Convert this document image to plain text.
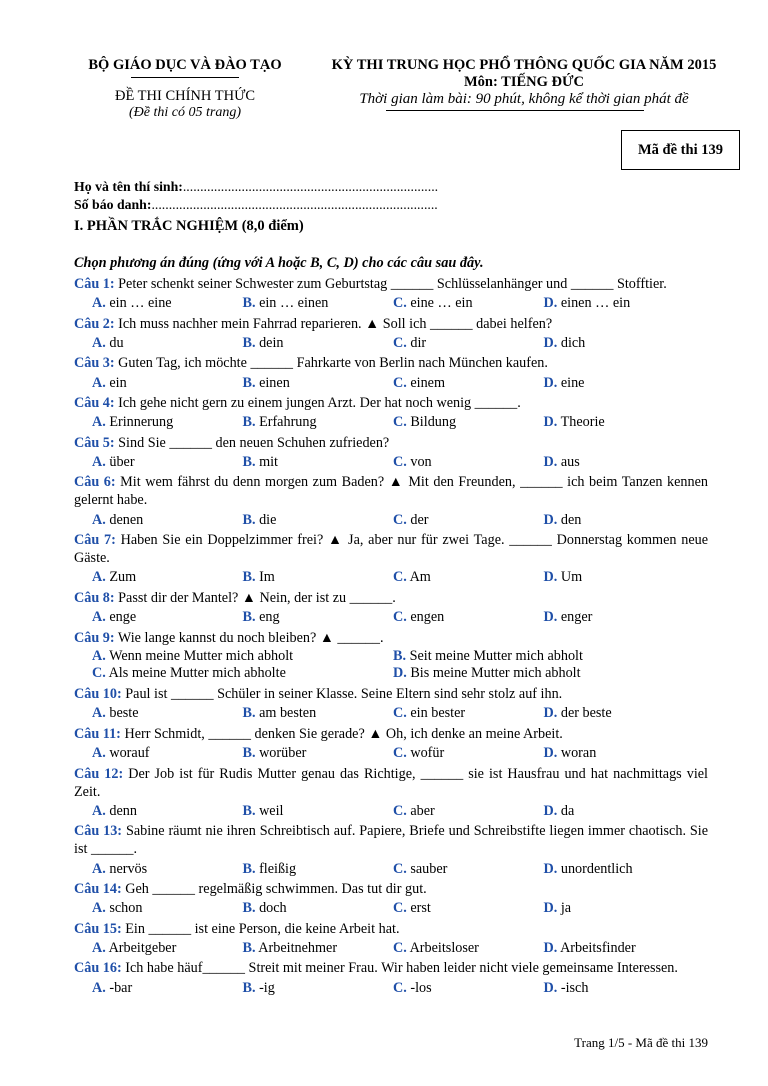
BỘ GIÁO DỤC VÀ ĐÀO TẠO
ĐỀ THI CHÍNH THỨC
(Đề thi có 05 trang)
KỲ THI TRUNG HỌC PHỔ THÔNG QUỐC GIA NĂM 2015
Môn: TIẾNG ĐỨC
Thời gian làm bài: 90 phút, không kể thời gian phát đề
Mã đề thi 139
Họ và tên thí sinh:..........................................................................
Số báo danh:...................................................................................
I. PHẦN TRẮC NGHIỆM (8,0 điểm)
Chọn phương án đúng (ứng với A hoặc B, C, D) cho các câu sau đây.
Câu 1: Peter schenkt seiner Schwester zum Geburtstag ______ Schlüsselanhänger und ______ Stofftier.
A. ein … eine	B. ein … einen	C. eine … ein	D. einen … ein
Câu 2: Ich muss nachher mein Fahrrad reparieren. ▲ Soll ich ______ dabei helfen?
A. du	B. dein	C. dir	D. dich
Câu 3: Guten Tag, ich möchte ______ Fahrkarte von Berlin nach München kaufen.
A. ein	B. einen	C. einem	D. eine
Câu 4: Ich gehe nicht gern zu einem jungen Arzt. Der hat noch wenig ______.
A. Erinnerung	B. Erfahrung	C. Bildung	D. Theorie
Câu 5: Sind Sie ______ den neuen Schuhen zufrieden?
A. über	B. mit	C. von	D. aus
Câu 6: Mit wem fährst du denn morgen zum Baden? ▲ Mit den Freunden, ______ ich beim Tanzen kennen gelernt habe.
A. denen	B. die	C. der	D. den
Câu 7: Haben Sie ein Doppelzimmer frei? ▲ Ja, aber nur für zwei Tage. ______ Donnerstag kommen neue Gäste.
A. Zum	B. Im	C. Am	D. Um
Câu 8: Passt dir der Mantel? ▲ Nein, der ist zu ______.
A. enge	B. eng	C. engen	D. enger
Câu 9: Wie lange kannst du noch bleiben? ▲ ______.
A. Wenn meine Mutter mich abholt	B. Seit meine Mutter mich abholt
C. Als meine Mutter mich abholte	D. Bis meine Mutter mich abholt
Câu 10: Paul ist ______ Schüler in seiner Klasse. Seine Eltern sind sehr stolz auf ihn.
A. beste	B. am besten	C. ein bester	D. der beste
Câu 11: Herr Schmidt, ______ denken Sie gerade? ▲ Oh, ich denke an meine Arbeit.
A. worauf	B. worüber	C. wofür	D. woran
Câu 12: Der Job ist für Rudis Mutter genau das Richtige, ______ sie ist Hausfrau und hat nachmittags viel Zeit.
A. denn	B. weil	C. aber	D. da
Câu 13: Sabine räumt nie ihren Schreibtisch auf. Papiere, Briefe und Schreibstifte liegen immer chaotisch. Sie ist ______.
A. nervös	B. fleißig	C. sauber	D. unordentlich
Câu 14: Geh ______ regelmäßig schwimmen. Das tut dir gut.
A. schon	B. doch	C. erst	D. ja
Câu 15: Ein ______ ist eine Person, die keine Arbeit hat.
A. Arbeitgeber	B. Arbeitnehmer	C. Arbeitsloser	D. Arbeitsfinder
Câu 16: Ich habe häuf______ Streit mit meiner Frau. Wir haben leider nicht viele gemeinsame Interessen.
A. -bar	B. -ig	C. -los	D. -isch
Trang 1/5 - Mã đề thi 139
